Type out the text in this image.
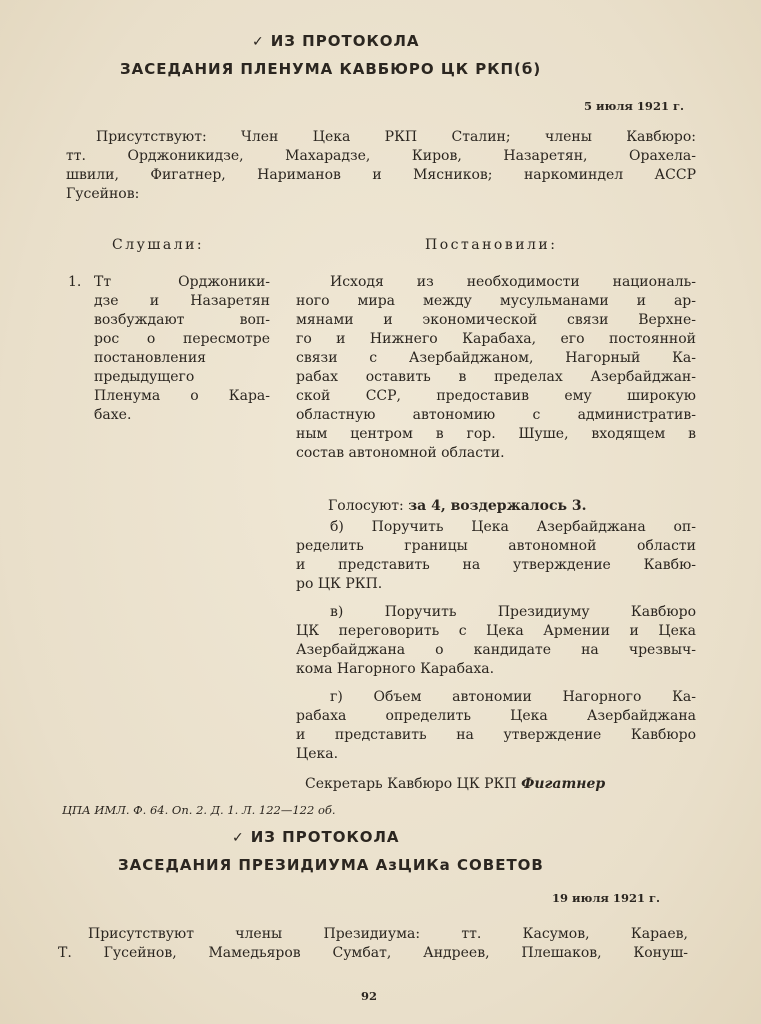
✓ ИЗ ПРОТОКОЛА
ЗАСЕДАНИЯ ПЛЕНУМА КАВБЮРО ЦК РКП(б)
5 июля 1921 г.
Присутствуют: Член Цека РКП Сталин; члены Кавбюро:
тт. Орджоникидзе, Махарадзе, Киров, Назаретян, Орахела-
швили, Фигатнер, Нариманов и Мясников; наркоминдел АССР
Гусейнов:
Слушали:	Постановили:
1. Тт Орджоники-
дзе и Назаретян
возбуждают воп-
рос о пересмотре
постановления
предыдущего
Пленума о Кара-
бахе.
Исходя из необходимости националь-
ного мира между мусульманами и ар-
мянами и экономической связи Верхне-
го и Нижнего Карабаха, его постоянной
связи с Азербайджаном, Нагорный Ка-
рабах оставить в пределах Азербайджан-
ской ССР, предоставив ему широкую
областную автономию с административ-
ным центром в гор. Шуше, входящем в
состав автономной области.
Голосуют: за 4, воздержалось 3.
б) Поручить Цека Азербайджана оп-
ределить границы автономной области
и представить на утверждение Кавбю-
ро ЦК РКП.
в) Поручить Президиуму Кавбюро
ЦК переговорить с Цека Армении и Цека
Азербайджана о кандидате на чрезвыч-
кома Нагорного Карабаха.
г) Объем автономии Нагорного Ка-
рабаха определить Цека Азербайджана
и представить на утверждение Кавбюро
Цека.
Секретарь Кавбюро ЦК РКП Фигатнер
ЦПА ИМЛ. Ф. 64. Оп. 2. Д. 1. Л. 122—122 об.
✓ ИЗ ПРОТОКОЛА
ЗАСЕДАНИЯ ПРЕЗИДИУМА АзЦИКа СОВЕТОВ
19 июля 1921 г.
Присутствуют члены Президиума: тт. Касумов, Караев,
Т. Гусейнов, Мамедьяров Сумбат, Андреев, Плешаков, Конуш-
92
